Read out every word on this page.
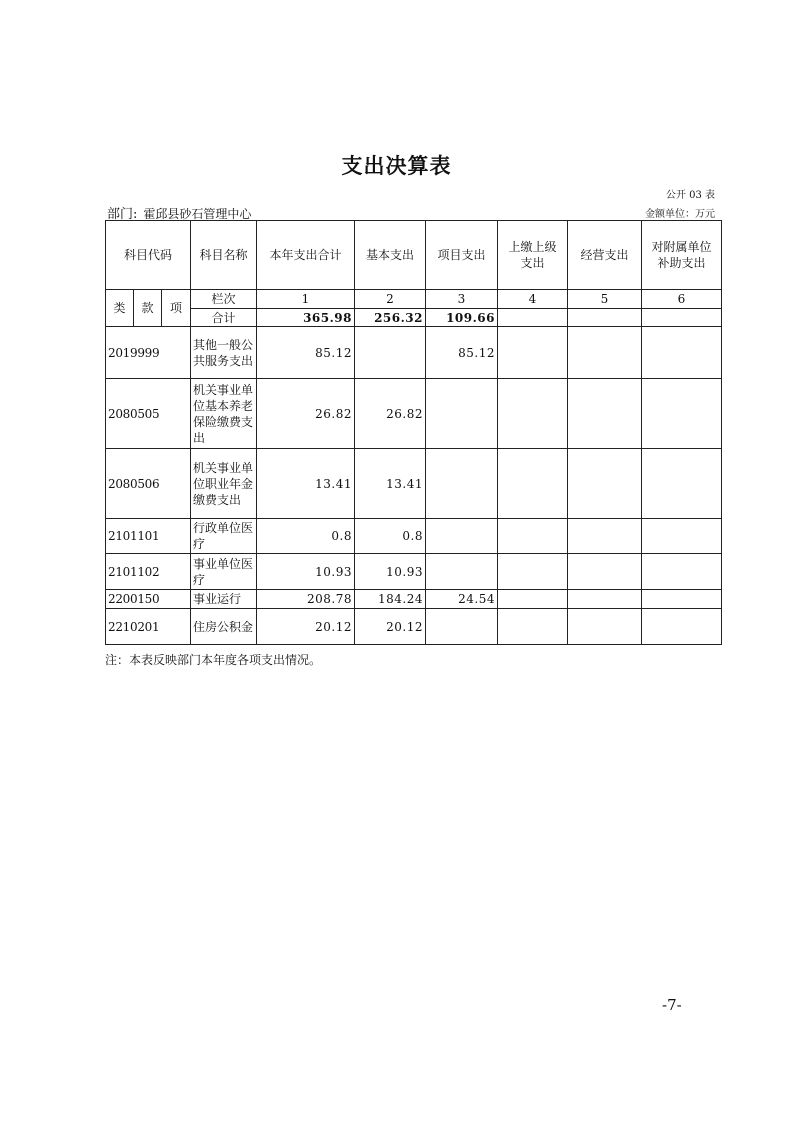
支出决算表
公开 03 表
部门: 霍邱县砂石管理中心	金额单位：万元
科目代码			科目名称	本年支出合计	基本支出	项目支出	上缴上级支出	经营支出	对附属单位补助支出
类	款	项	栏次	1	2	3	4	5	6
			合计	365.98	256.32	109.66			
2019999			其他一般公共服务支出	85.12		85.12			
2080505			机关事业单位基本养老保险缴费支出	26.82	26.82				
2080506			机关事业单位职业年金缴费支出	13.41	13.41				
2101101			行政单位医疗	0.8	0.8				
2101102			事业单位医疗	10.93	10.93				
2200150			事业运行	208.78	184.24	24.54			
2210201			住房公积金	20.12	20.12				
注：本表反映部门本年度各项支出情况。
-7-
